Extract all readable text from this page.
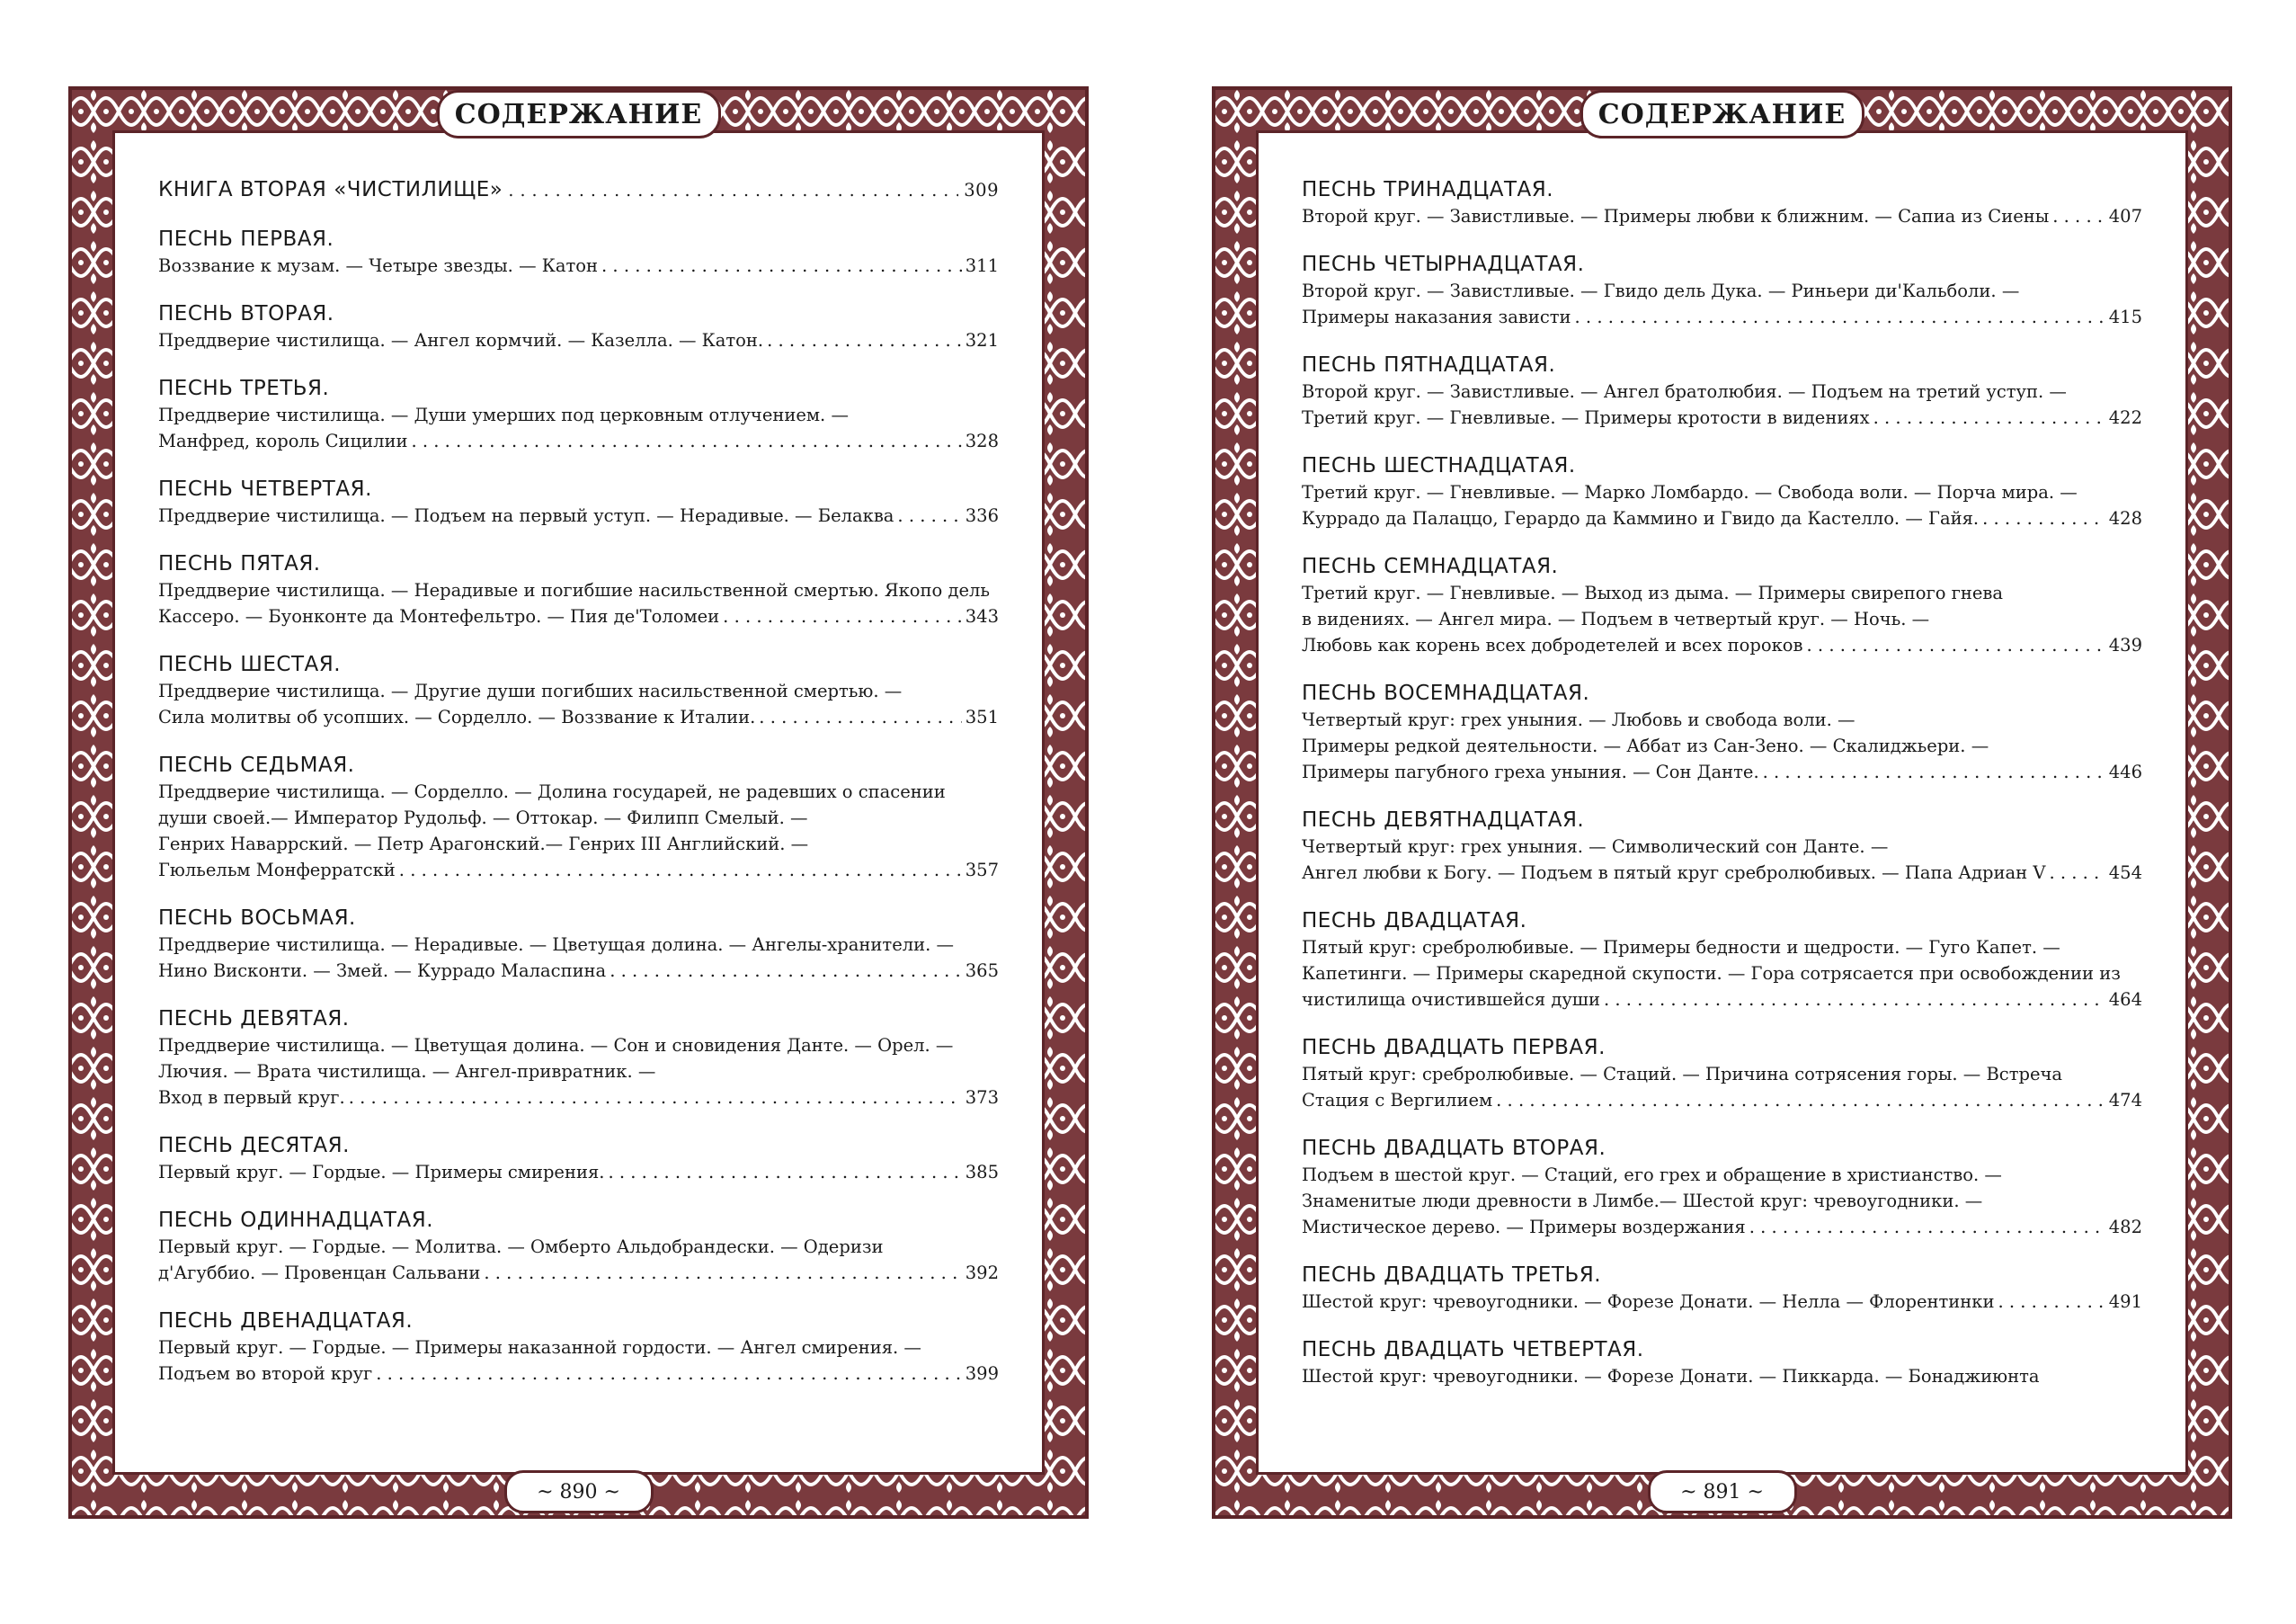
СОДЕРЖАНИЕ
КНИГА ВТОРАЯ «ЧИСТИЛИЩЕ» . . .	309
ПЕСНЬ ПЕРВАЯ.
Воззвание к музам. — Четыре звезды. — Катон . . .	311
ПЕСНЬ ВТОРАЯ.
Преддверие чистилища. — Ангел кормчий. — Казелла. — Катон. . . .	321
ПЕСНЬ ТРЕТЬЯ.
Преддверие чистилища. — Души умерших под церковным отлучением. —
Манфред, король Сицилии . . .	328
ПЕСНЬ ЧЕТВЕРТАЯ.
Преддверие чистилища. — Подъем на первый уступ. — Нерадивые. — Белаква . . .	336
ПЕСНЬ ПЯТАЯ.
Преддверие чистилища. — Нерадивые и погибшие насильственной смертью. Якопо дель
Кассеро. — Буонконте да Монтефельтро. — Пия де'Толомеи . . .	343
ПЕСНЬ ШЕСТАЯ.
Преддверие чистилища. — Другие души погибших насильственной смертью. —
Сила молитвы об усопших. — Сорделло. — Воззвание к Италии. . . .	351
ПЕСНЬ СЕДЬМАЯ.
Преддверие чистилища. — Сорделло. — Долина государей, не радевших о спасении
души своей.— Император Рудольф. — Оттокар. — Филипп Смелый. —
Генрих Наваррский. — Петр Арагонский.— Генрих III Английский. —
Гюльельм Монферратскй . . .	357
ПЕСНЬ ВОСЬМАЯ.
Преддверие чистилища. — Нерадивые. — Цветущая долина. — Ангелы-хранители. —
Нино Висконти. — Змей. — Куррадо Маласпина . . .	365
ПЕСНЬ ДЕВЯТАЯ.
Преддверие чистилища. — Цветущая долина. — Сон и сновидения Данте. — Орел. —
Лючия. — Врата чистилища. — Ангел-привратник. —
Вход в первый круг. . . .	373
ПЕСНЬ ДЕСЯТАЯ.
Первый круг. — Гордые. — Примеры смирения. . . .	385
ПЕСНЬ ОДИННАДЦАТАЯ.
Первый круг. — Гордые. — Молитва. — Омберто Альдобрандески. — Одеризи
д'Агуббио. — Провенцан Сальвани . . .	392
ПЕСНЬ ДВЕНАДЦАТАЯ.
Первый круг. — Гордые. — Примеры наказанной гордости. — Ангел смирения. —
Подъем во второй круг . . .	399
~ 890 ~
СОДЕРЖАНИЕ
ПЕСНЬ ТРИНАДЦАТАЯ.
Второй круг. — Завистливые. — Примеры любви к ближним. — Сапиа из Сиены . . .	407
ПЕСНЬ ЧЕТЫРНАДЦАТАЯ.
Второй круг. — Завистливые. — Гвидо дель Дука. — Риньери ди'Кальболи. —
Примеры наказания зависти . . .	415
ПЕСНЬ ПЯТНАДЦАТАЯ.
Второй круг. — Завистливые. — Ангел братолюбия. — Подъем на третий уступ. —
Третий круг. — Гневливые. — Примеры кротости в видениях . . .	422
ПЕСНЬ ШЕСТНАДЦАТАЯ.
Третий круг. — Гневливые. — Марко Ломбардо. — Свобода воли. — Порча мира. —
Куррадо да Палаццо, Герардо да Каммино и Гвидо да Кастелло. — Гайя. . . .	428
ПЕСНЬ СЕМНАДЦАТАЯ.
Третий круг. — Гневливые. — Выход из дыма. — Примеры свирепого гнева
в видениях. — Ангел мира. — Подъем в четвертый круг. — Ночь. —
Любовь как корень всех добродетелей и всех пороков . . .	439
ПЕСНЬ ВОСЕМНАДЦАТАЯ.
Четвертый круг: грех уныния. — Любовь и свобода воли. —
Примеры редкой деятельности. — Аббат из Сан-Зено. — Скалиджьери. —
Примеры пагубного греха уныния. — Сон Данте. . . .	446
ПЕСНЬ ДЕВЯТНАДЦАТАЯ.
Четвертый круг: грех уныния. — Символический сон Данте. —
Ангел любви к Богу. — Подъем в пятый круг сребролюбивых. — Папа Адриан V . . .	454
ПЕСНЬ ДВАДЦАТАЯ.
Пятый круг: сребролюбивые. — Примеры бедности и щедрости. — Гуго Капет. —
Капетинги. — Примеры скаредной скупости. — Гора сотрясается при освобождении из
чистилища очистившейся души . . .	464
ПЕСНЬ ДВАДЦАТЬ ПЕРВАЯ.
Пятый круг: сребролюбивые. — Стаций. — Причина сотрясения горы. — Встреча
Стация с Вергилием . . .	474
ПЕСНЬ ДВАДЦАТЬ ВТОРАЯ.
Подъем в шестой круг. — Стаций, его грех и обращение в христианство. —
Знаменитые люди древности в Лимбе.— Шестой круг: чревоугодники. —
Мистическое дерево. — Примеры воздержания . . .	482
ПЕСНЬ ДВАДЦАТЬ ТРЕТЬЯ.
Шестой круг: чревоугодники. — Форезе Донати. — Нелла — Флорентинки . . .	491
ПЕСНЬ ДВАДЦАТЬ ЧЕТВЕРТАЯ.
Шестой круг: чревоугодники. — Форезе Донати. — Пиккарда. — Бонаджиюнта
~ 891 ~
